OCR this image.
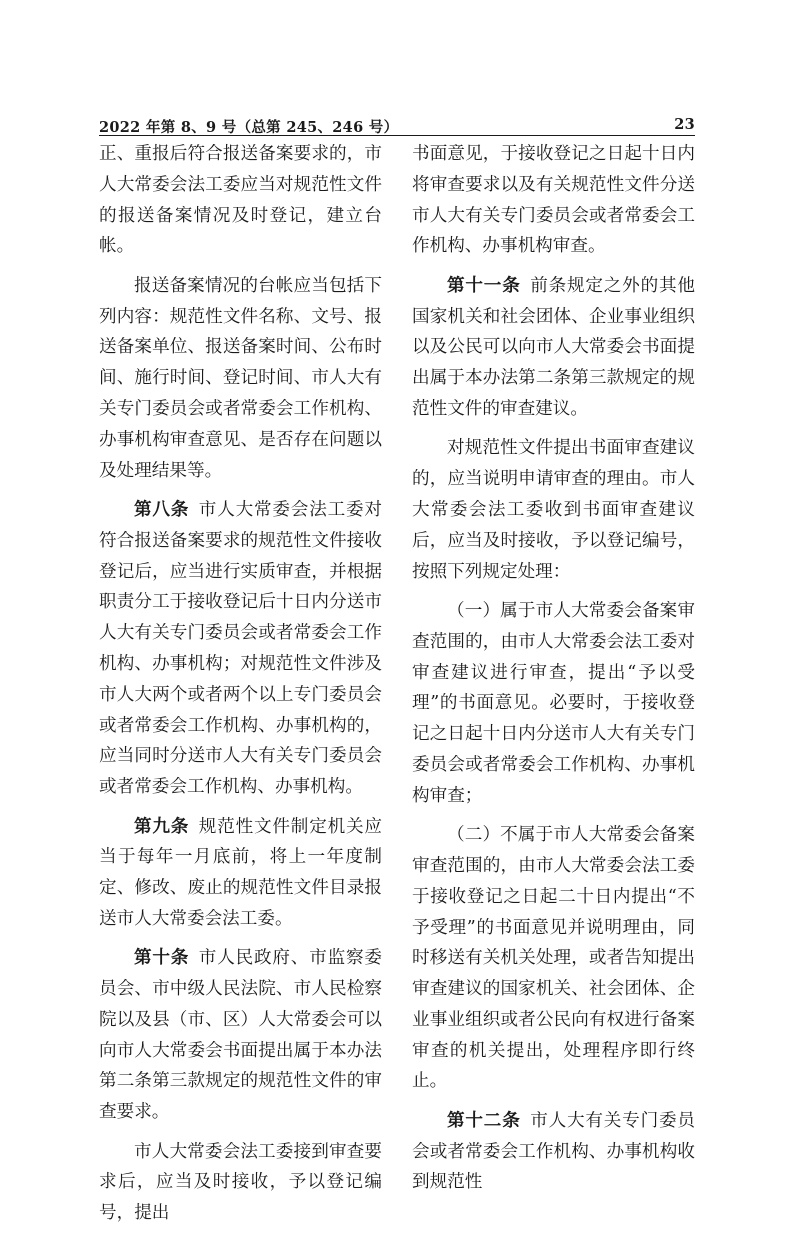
2022 年第 8、9 号（总第 245、246 号）	23

正、重报后符合报送备案要求的，市人大常委会法工委应当对规范性文件的报送备案情况及时登记，建立台帐。

报送备案情况的台帐应当包括下列内容：规范性文件名称、文号、报送备案单位、报送备案时间、公布时间、施行时间、登记时间、市人大有关专门委员会或者常委会工作机构、办事机构审查意见、是否存在问题以及处理结果等。

第八条  市人大常委会法工委对符合报送备案要求的规范性文件接收登记后，应当进行实质审查，并根据职责分工于接收登记后十日内分送市人大有关专门委员会或者常委会工作机构、办事机构；对规范性文件涉及市人大两个或者两个以上专门委员会或者常委会工作机构、办事机构的，应当同时分送市人大有关专门委员会或者常委会工作机构、办事机构。

第九条  规范性文件制定机关应当于每年一月底前，将上一年度制定、修改、废止的规范性文件目录报送市人大常委会法工委。

第十条  市人民政府、市监察委员会、市中级人民法院、市人民检察院以及县（市、区）人大常委会可以向市人大常委会书面提出属于本办法第二条第三款规定的规范性文件的审查要求。

市人大常委会法工委接到审查要求后，应当及时接收，予以登记编号，提出

书面意见，于接收登记之日起十日内将审查要求以及有关规范性文件分送市人大有关专门委员会或者常委会工作机构、办事机构审查。

第十一条  前条规定之外的其他国家机关和社会团体、企业事业组织以及公民可以向市人大常委会书面提出属于本办法第二条第三款规定的规范性文件的审查建议。

对规范性文件提出书面审查建议的，应当说明申请审查的理由。市人大常委会法工委收到书面审查建议后，应当及时接收，予以登记编号，按照下列规定处理：

（一）属于市人大常委会备案审查范围的，由市人大常委会法工委对审查建议进行审查，提出“予以受理”的书面意见。必要时，于接收登记之日起十日内分送市人大有关专门委员会或者常委会工作机构、办事机构审查；

（二）不属于市人大常委会备案审查范围的，由市人大常委会法工委于接收登记之日起二十日内提出“不予受理”的书面意见并说明理由，同时移送有关机关处理，或者告知提出审查建议的国家机关、社会团体、企业事业组织或者公民向有权进行备案审查的机关提出，处理程序即行终止。

第十二条  市人大有关专门委员会或者常委会工作机构、办事机构收到规范性
